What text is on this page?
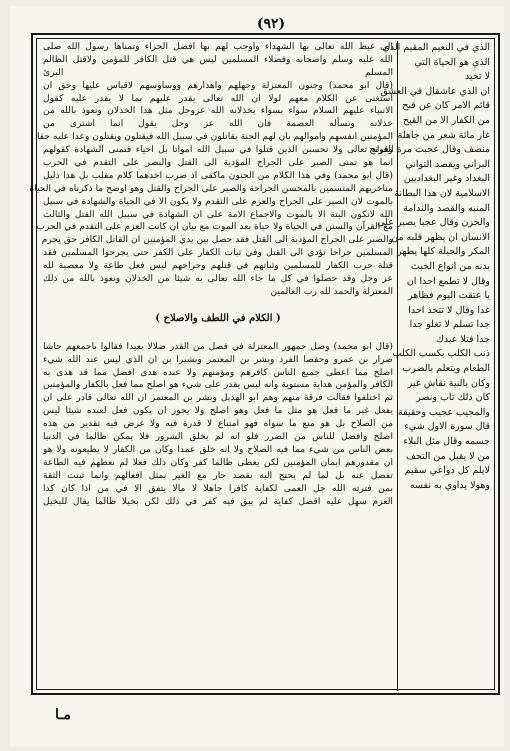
(٩٢)
الى غيظ الله تعالى بها الشهداء واوجب لهم بها افضل الجزاء وتمناها رسول الله صلى
الله عليه وسلم واصحابه وفضلاء المسلمين ليس هي قتل الكافر للمؤمن ولاقتل الظالم
المسلم البرئ
(قال ابو محمد) وجنون المعتزلة وجهلهم واهذارهم ووساوسهم لاقياس عليها وحق ان
استغنى عن الكلام معهم لولا ان الله تعالى يقدر عليهم بما لا يقدر عليه كقول
الانبياء عليهم السلام سواء بسواء بخذلانه الله عزوجل مثل هذا الخذلان ونعوذ بالله من
خذلانه ونسأله العصمة فان الله عز وجل يقول انما اشترى من
المؤمنين انفسهم واموالهم بان لهم الجنة يقاتلون في سبيل الله فيقتلون ويقتلون وعدا عليه حقا
وقوله تعالى ولا تحسبن الذين قتلوا في سبيل الله امواتا بل احياء فتمنى الشهادة كقولهم
انما هو تمنى الصبر على الجراح المؤدية الى القتل والنصر على التقدم في الحرب
(قال ابو محمد) وفي هذا الكلام من الجنون ماكفى اذ ضرب احدهما كلام مقلب بل هذا دليل
متاخريهم المتسمين بالمحسن الجراحة والصبر على الجراح والقتل وهو اوضح ما ذكرناه في الحياة
بالموت لان الصبر على الجراح والعزم على التقدم ولا يكون الا في الحياة والشهادة في سبيل
الله لاتكون البتة الا بالموت والاجماع الامة على ان الشهادة في سبيل الله القتل والثالث
مع القرآن والسنن في الحياة ولا حياة بعد الموت مع بيان ان كانت العزم على التقدم في الحرب
والصبر على الجراح المؤدية الى القتل فقد حصل بين يدي المؤمنين ان القاتل الكافر حق يحرم
المسلمين جراحا تؤدي الى القتل وفي ثبات الكفار على الكفر حتى يجرحوا المسلمين فقد
قتلة حرب الكفار للمسلمين وثباتهم في قتلهم وجراحهم ليس فعل طاعة ولا معصية لله
عز وجل وقد حصلوا في كل ما جاء الله تعالى به شيئا من الخذلان ونعوذ بالله من ذلك
المعتزلة والحمد لله رب العالمين
( الكلام في اللطف والاصلاح )
(قال ابو محمد) وضل جمهور المعتزلة في فصل من القدر ضلالا بعيدا فقالوا باجمعهم حاشا
ضرار بن عمرو وحفصا الفرد وبشر بن المعتمر وبشيرا بن ان الذي ليس عند الله شيء
اصلح مما اعطى جميع الناس كافرهم ومؤمنهم ولا عنده هدى افضل مما قد هدى به
الكافر والمؤمن هداية مستوية وانه ليس يقدر على شيء هو اصلح مما فعل بالكفار والمؤمنين
ثم اختلفوا فقالت فرقة منهم وهم ابو الهذيل وبشر بن المعتمر ان الله تعالى قادر على ان
يفعل غير ما فعل هو مثل ما فعل وهو اصلح ولا يجوز ان يكون فعل لعبده شيئا ليس
من الصلاح بل هو منع ما سواه فهو امتناع لا قدرة فيه ولا غرض فيه تقدير من هذه
اصلح وافضل للناس من الضرر فلو انه لم يخلق الشرور فلا يمكن ظالما في الدنيا
بعض الناس من شيء مما فيه الصلاح ولا انه خلق عمدا وكان من الكفار لا يطيعونه ولا هو
ان مقدورهم ايمان المؤمنين لكن يعطى ظالما كفر وكان ذلك فعلا لم نعطهم فيه الطاعة
تفضل عنه بل لما لم يحتج اليه بقصد جار مع الغير بمثل افعالهم وانما ثبتت الثقة
بمن فترته الله جل العمى لكفاية كافرا جاهلا لا مالا يتفق الا في من اذا كان كذا
العزم سهل عليه افضل كفاية لم يبق فيه كفر في ذلك لكن بخيلا ظالما يقال للبخيل
الذي في النعيم المقيم الذي
الذي هو الحياة التي
لا تحيد
ان الذي عاشقال في العشق
قائم الامر كان عن قبح
من الكفار الا من القبح
غار مائة شعر من جاهلة
منصف وقال عجبت مرة الفرنج
البراني ويقصد التواني
البغداد وغير البغداديين
الاسلامية لان هذا البطانة
المنبه والقصد والندامة
والحزن وقال عجبا يصبر على
الانسان ان يظهر قلبه من
المكر والحيلة كلها يطهر
بدنه من انواع الخبث
وقال لا تطمع احدا ان
يا عتقت اليوم فظاهر
غدا وقال لا تتخذ احدا
جدا تسلم لا تغلو جدا
جدا فتلا عبدك
ذنب الكلب يكسب الكلب
الطعام ويتعلم بالضرب
وكان بالنية نقاش غير
كان ذلك تاب ونصر
والمجيب عجيب وحقيقة
قال سورة الاول شيء
جسمه وقال مثل البلاء
من لا يقبل من التحف
لايلم كل دواعي سقيم
وهولا يداوي به نفسه
مـا
